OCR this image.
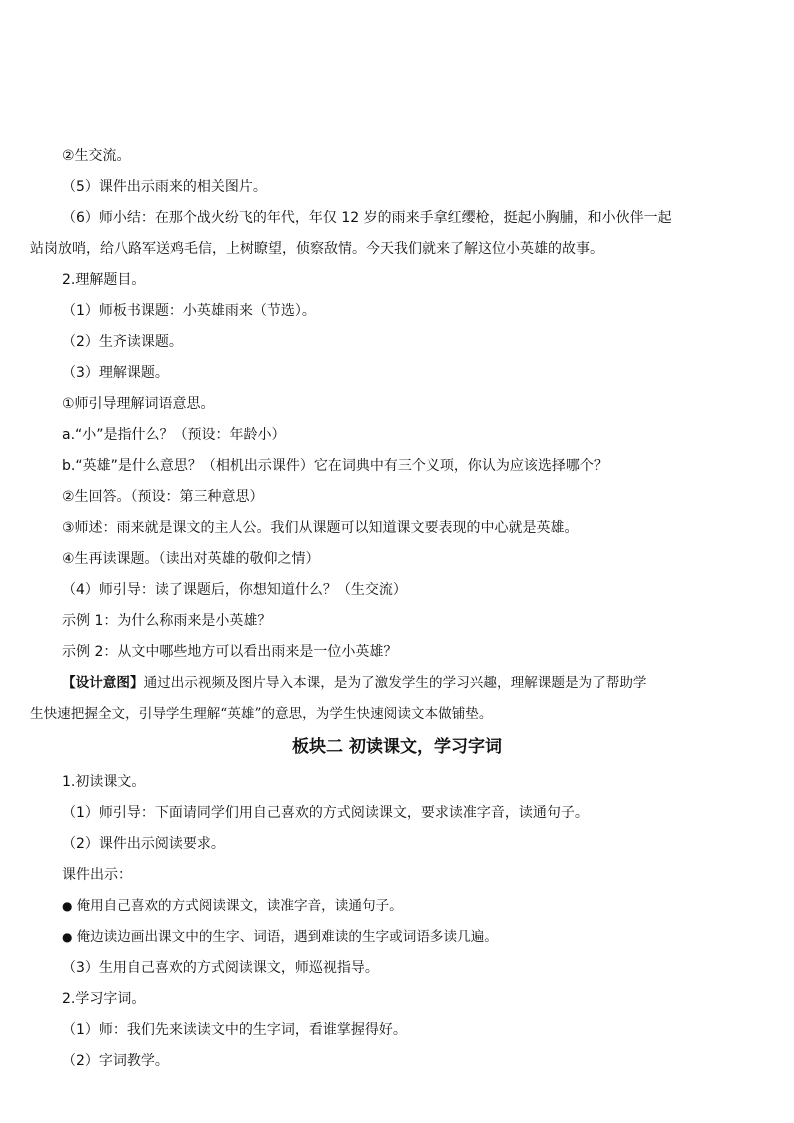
②生交流。
（5）课件出示雨来的相关图片。
（6）师小结：在那个战火纷飞的年代，年仅 12 岁的雨来手拿红缨枪，挺起小胸脯，和小伙伴一起
站岗放哨，给八路军送鸡毛信，上树瞭望，侦察敌情。今天我们就来了解这位小英雄的故事。
2.理解题目。
（1）师板书课题：小英雄雨来（节选）。
（2）生齐读课题。
（3）理解课题。
①师引导理解词语意思。
a.“小”是指什么？（预设：年龄小）
b.“英雄”是什么意思？（相机出示课件）它在词典中有三个义项，你认为应该选择哪个？
②生回答。（预设：第三种意思）
③师述：雨来就是课文的主人公。我们从课题可以知道课文要表现的中心就是英雄。
④生再读课题。（读出对英雄的敬仰之情）
（4）师引导：读了课题后，你想知道什么？（生交流）
示例 1：为什么称雨来是小英雄？
示例 2：从文中哪些地方可以看出雨来是一位小英雄？
【设计意图】通过出示视频及图片导入本课，是为了激发学生的学习兴趣，理解课题是为了帮助学
生快速把握全文，引导学生理解“英雄”的意思，为学生快速阅读文本做铺垫。
板块二 初读课文，学习字词
1.初读课文。
（1）师引导：下面请同学们用自己喜欢的方式阅读课文，要求读准字音，读通句子。
（2）课件出示阅读要求。
课件出示：
● 俺用自己喜欢的方式阅读课文，读准字音，读通句子。
● 俺边读边画出课文中的生字、词语，遇到难读的生字或词语多读几遍。
（3）生用自己喜欢的方式阅读课文，师巡视指导。
2.学习字词。
（1）师：我们先来读读文中的生字词，看谁掌握得好。
（2）字词教学。
